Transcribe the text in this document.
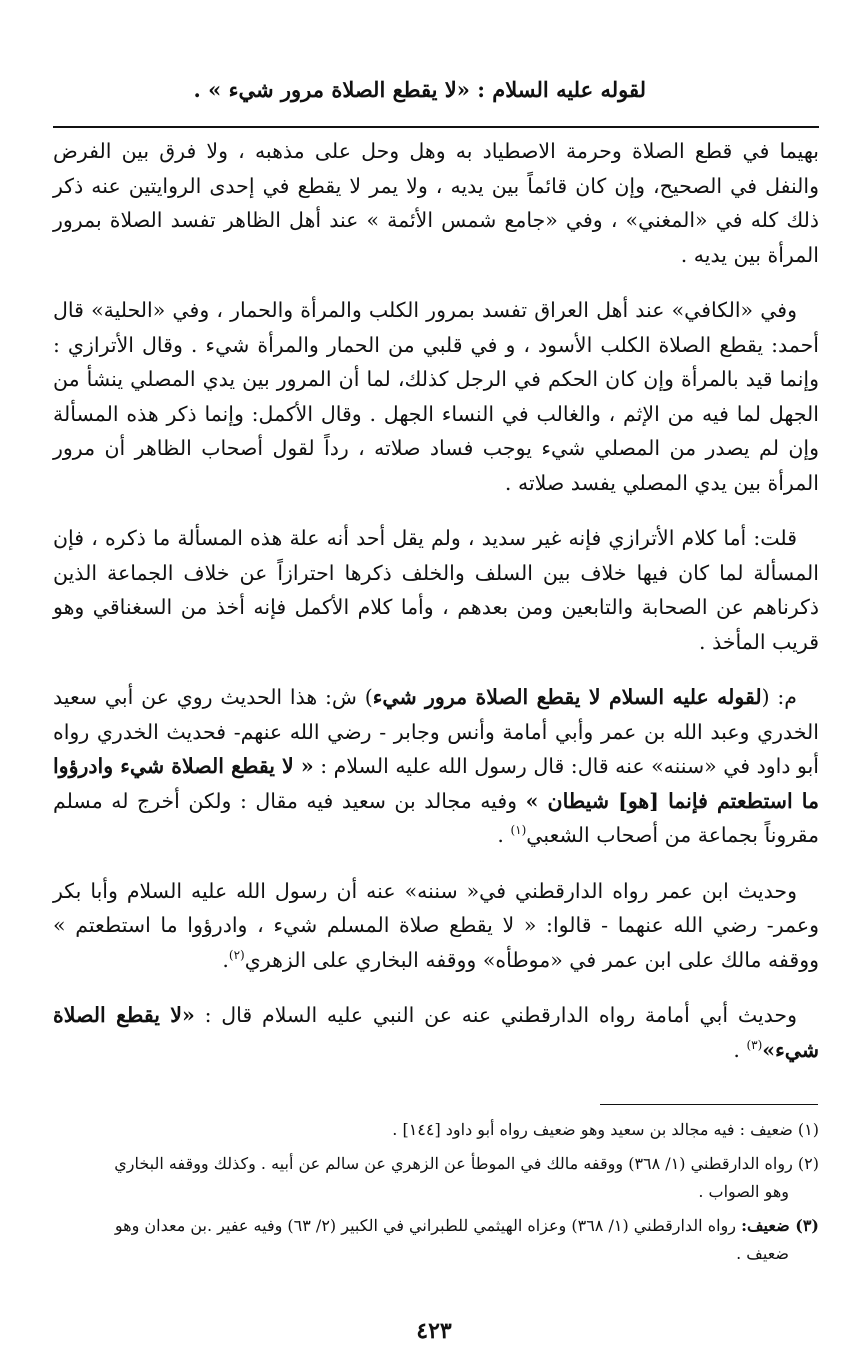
لقوله عليه السلام : «لا يقطع الصلاة مرور شيء » .

بهيما في قطع الصلاة وحرمة الاصطياد به وهل وحل على مذهبه ، ولا فرق بين الفرض والنفل في الصحيح، وإن كان قائماً بين يديه ، ولا يمر لا يقطع في إحدى الروايتين عنه ذكر ذلك كله في «المغني» ، وفي «جامع شمس الأئمة » عند أهل الظاهر تفسد الصلاة بمرور المرأة بين يديه .

وفي «الكافي» عند أهل العراق تفسد بمرور الكلب والمرأة والحمار ، وفي «الحلية» قال أحمد: يقطع الصلاة الكلب الأسود ، و في قلبي من الحمار والمرأة شيء . وقال الأترازي : وإنما قيد بالمرأة وإن كان الحكم في الرجل كذلك، لما أن المرور بين يدي المصلي ينشأ من الجهل لما فيه من الإثم ، والغالب في النساء الجهل . وقال الأكمل: وإنما ذكر هذه المسألة وإن لم يصدر من المصلي شيء يوجب فساد صلاته ، رداً لقول أصحاب الظاهر أن مرور المرأة بين يدي المصلي يفسد صلاته .

قلت: أما كلام الأترازي فإنه غير سديد ، ولم يقل أحد أنه علة هذه المسألة ما ذكره ، فإن المسألة لما كان فيها خلاف بين السلف والخلف ذكرها احترازاً عن خلاف الجماعة الذين ذكرناهم عن الصحابة والتابعين ومن بعدهم ، وأما كلام الأكمل فإنه أخذ من السغناقي وهو قريب المأخذ .

م: (لقوله عليه السلام لا يقطع الصلاة مرور شيء) ش: هذا الحديث روي عن أبي سعيد الخدري وعبد الله بن عمر وأبي أمامة وأنس وجابر - رضي الله عنهم- فحديث الخدري رواه أبو داود في «سننه» عنه قال: قال رسول الله عليه السلام : « لا يقطع الصلاة شيء وادرؤوا ما استطعتم فإنما [هو] شيطان » وفيه مجالد بن سعيد فيه مقال : ولكن أخرج له مسلم مقروناً بجماعة من أصحاب الشعبي$^{(١)}$ .

وحديث ابن عمر رواه الدارقطني في« سننه» عنه أن رسول الله عليه السلام وأبا بكر وعمر- رضي الله عنهما - قالوا: « لا يقطع صلاة المسلم شيء ، وادرؤوا ما استطعتم » ووقفه مالك على ابن عمر في «موطأه» ووقفه البخاري على الزهري$^{(٢)}$.

وحديث أبي أمامة رواه الدارقطني عنه عن النبي عليه السلام قال : «لا يقطع الصلاة شيء»$^{(٣)}$ .

(١) ضعيف : فيه مجالد بن سعيد وهو ضعيف رواه أبو داود [١٤٤] .

(٢) رواه الدارقطني (١/ ٣٦٨) ووقفه مالك في الموطأ عن الزهري عن سالم عن أبيه . وكذلك ووقفه البخاري
وهو الصواب .

(٣) ضعيف: رواه الدارقطني (١/ ٣٦٨) وعزاه الهيثمي للطبراني في الكبير (٢/ ٦٣) وفيه عفير .بن معدان وهو
ضعيف .

٤٢٣
